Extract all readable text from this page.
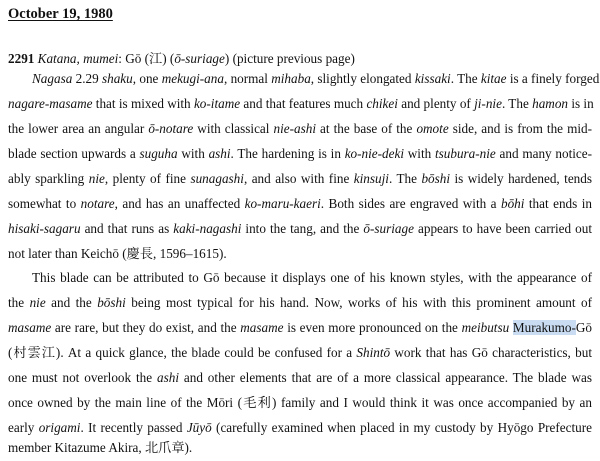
October 19, 1980
2291 Katana, mumei: Gō (江) (ō-suriage) (picture previous page)
Nagasa 2.29 shaku, one mekugi-ana, normal mihaba, slightly elongated kissaki. The kitae is a finely forged
nagare-masame that is mixed with ko-itame and that features much chikei and plenty of ji-nie. The hamon is in
the lower area an angular ō-notare with classical nie-ashi at the base of the omote side, and is from the mid-
blade section upwards a suguha with ashi. The hardening is in ko-nie-deki with tsubura-nie and many notice-
ably sparkling nie, plenty of fine sunagashi, and also with fine kinsuji. The bōshi is widely hardened, tends
somewhat to notare, and has an unaffected ko-maru-kaeri. Both sides are engraved with a bōhi that ends in
hisaki-sagaru and that runs as kaki-nagashi into the tang, and the ō-suriage appears to have been carried out
not later than Keichō (慶長, 1596–1615).
This blade can be attributed to Gō because it displays one of his known styles, with the appearance of
the nie and the bōshi being most typical for his hand. Now, works of his with this prominent amount of
masame are rare, but they do exist, and the masame is even more pronounced on the meibutsu Murakumo-Gō
(村雲江). At a quick glance, the blade could be confused for a Shintō work that has Gō characteristics, but
one must not overlook the ashi and other elements that are of a more classical appearance. The blade was
once owned by the main line of the Mōri (毛利) family and I would think it was once accompanied by an
early origami. It recently passed Jūyō (carefully examined when placed in my custody by Hyōgo Prefecture
member Kitazume Akira, 北爪章).
